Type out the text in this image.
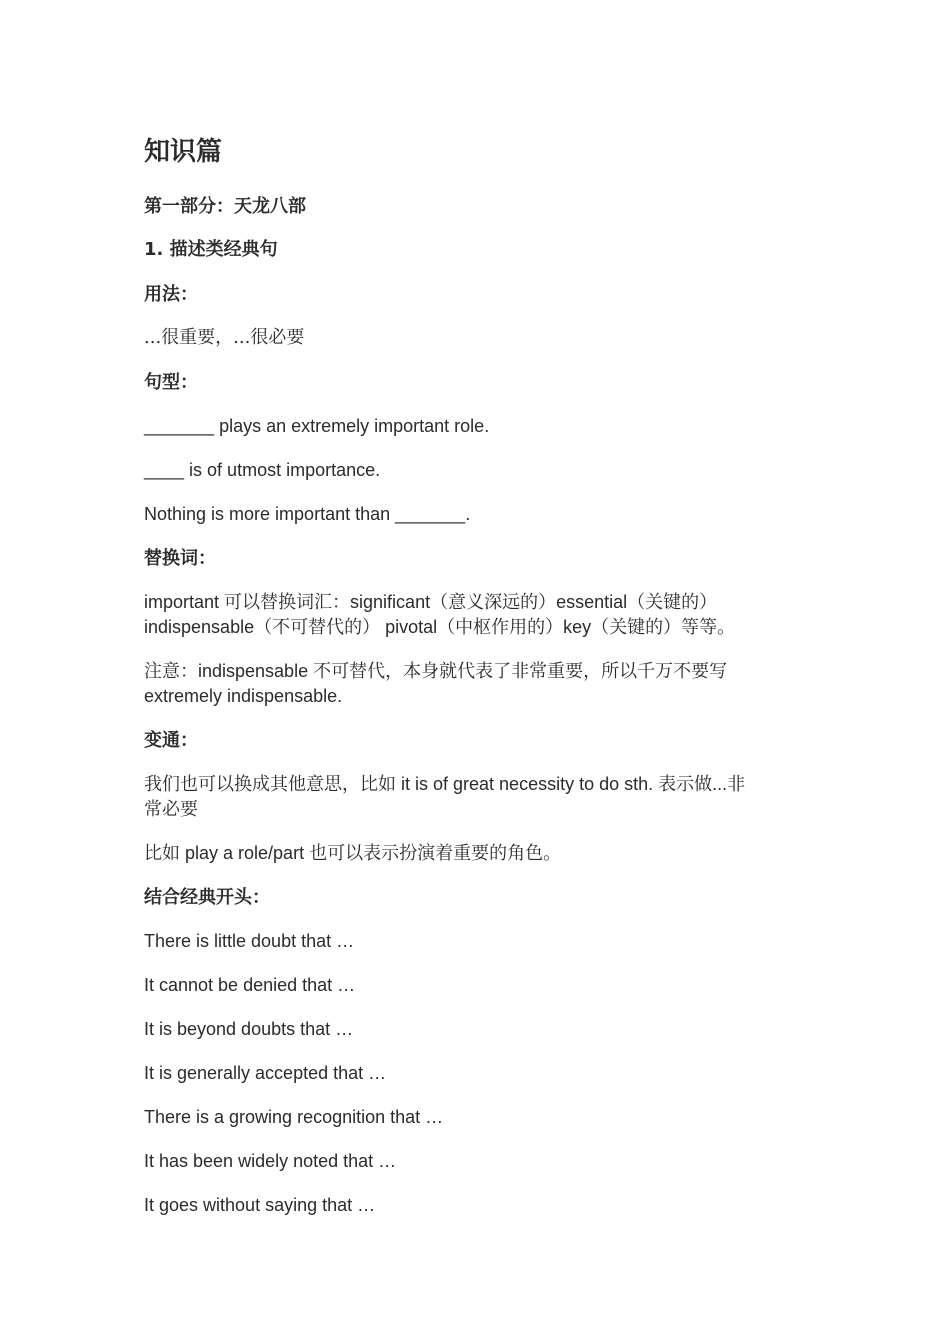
知识篇
第一部分：天龙八部
1. 描述类经典句
用法：
...很重要，...很必要
句型：
_______ plays an extremely important role.
____ is of utmost importance.
Nothing is more important than _______.
替换词：
important 可以替换词汇：significant（意义深远的）essential（关键的）
indispensable（不可替代的） pivotal（中枢作用的）key（关键的）等等。
注意：indispensable 不可替代，本身就代表了非常重要，所以千万不要写
extremely indispensable.
变通：
我们也可以换成其他意思，比如 it is of great necessity to do sth. 表示做...非
常必要
比如 play a role/part 也可以表示扮演着重要的角色。
结合经典开头：
There is little doubt that …
It cannot be denied that …
It is beyond doubts that …
It is generally accepted that …
There is a growing recognition that …
It has been widely noted that …
It goes without saying that …
